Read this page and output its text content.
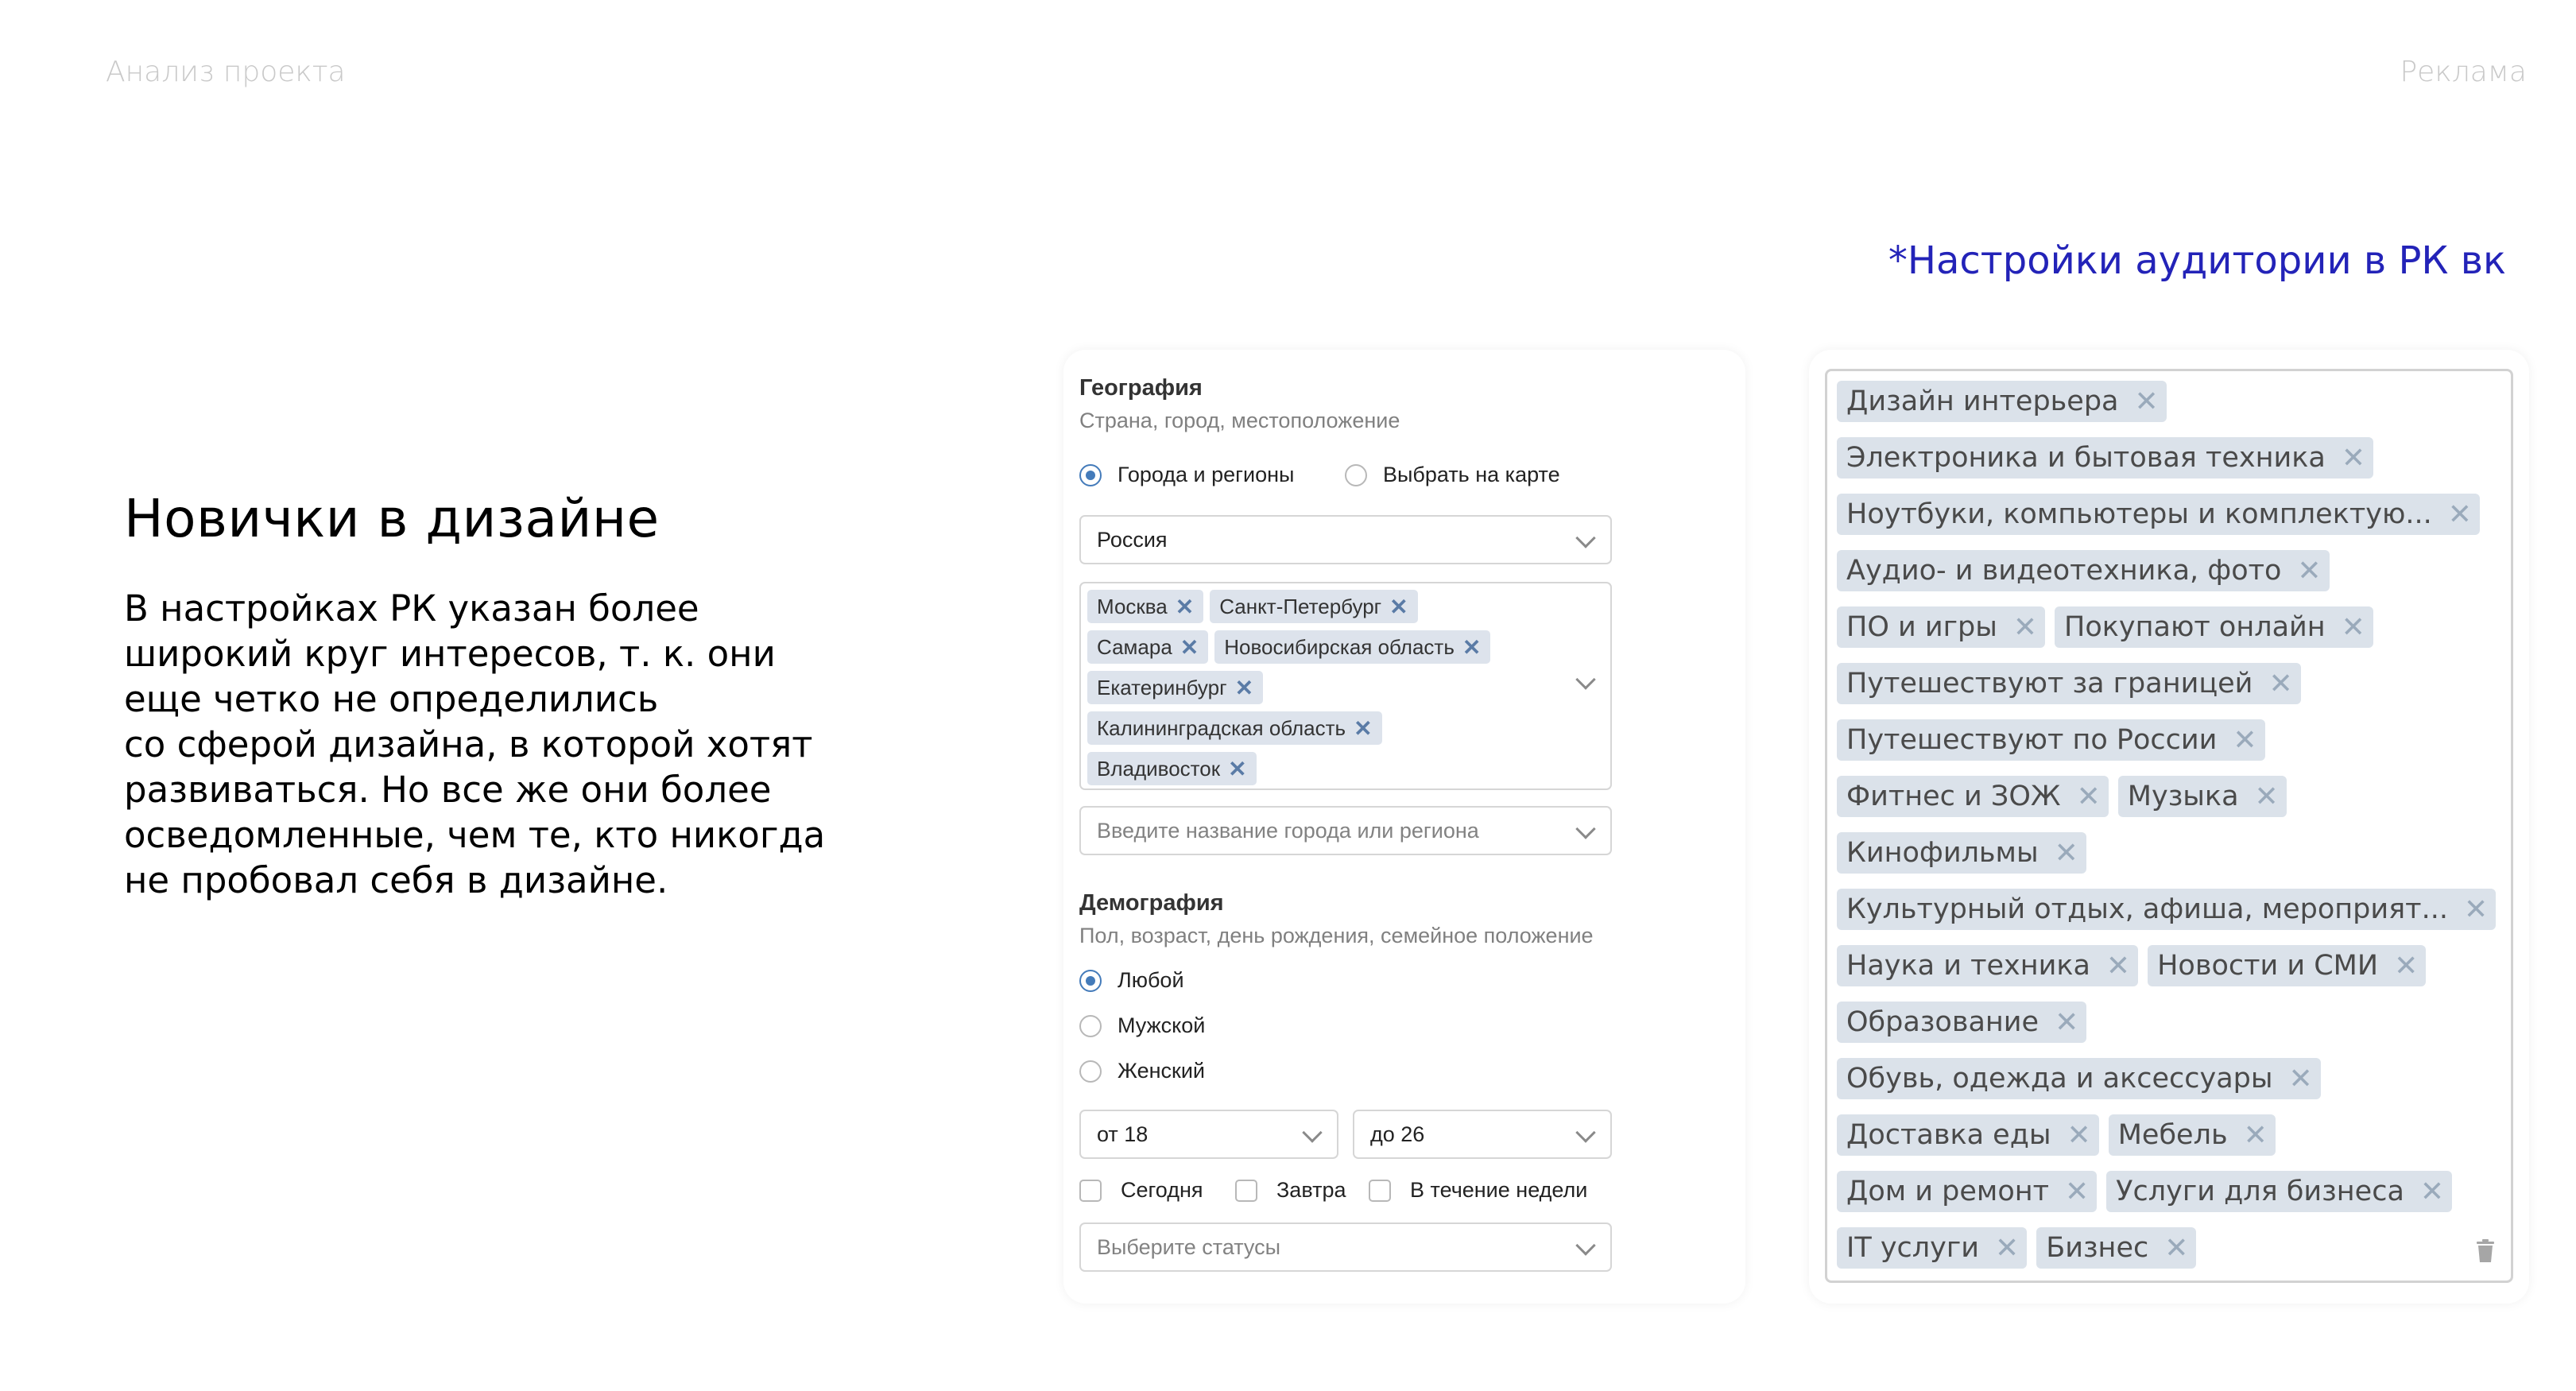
Анализ проекта	Реклама
*Настройки аудитории в РК вк
Новички в дизайне
В настройках РК указан более
широкий круг интересов, т. к. они
еще четко не определились
со сферой дизайна, в которой хотят
развиваться. Но все же они более
осведомленные, чем те, кто никогда
не пробовал себя в дизайне.
География
Страна, город, местоположение
Города и регионы	Выбрать на карте
Россия
Москва ✕ Санкт-Петербург ✕
Самара ✕ Новосибирская область ✕
Екатеринбург ✕
Калининградская область ✕
Владивосток ✕
Введите название города или региона
Демография
Пол, возраст, день рождения, семейное положение
Любой
Мужской
Женский
от 18	до 26
Сегодня	Завтра	В течение недели
Выберите статусы
Дизайн интерьера ✕
Электроника и бытовая техника ✕
Ноутбуки, компьютеры и комплектую... ✕
Аудио- и видеотехника, фото ✕
ПО и игры ✕ Покупают онлайн ✕
Путешествуют за границей ✕
Путешествуют по России ✕
Фитнес и ЗОЖ ✕ Музыка ✕
Кинофильмы ✕
Культурный отдых, афиша, мероприят... ✕
Наука и техника ✕ Новости и СМИ ✕
Образование ✕
Обувь, одежда и аксессуары ✕
Доставка еды ✕ Мебель ✕
Дом и ремонт ✕ Услуги для бизнеса ✕
IT услуги ✕ Бизнес ✕
